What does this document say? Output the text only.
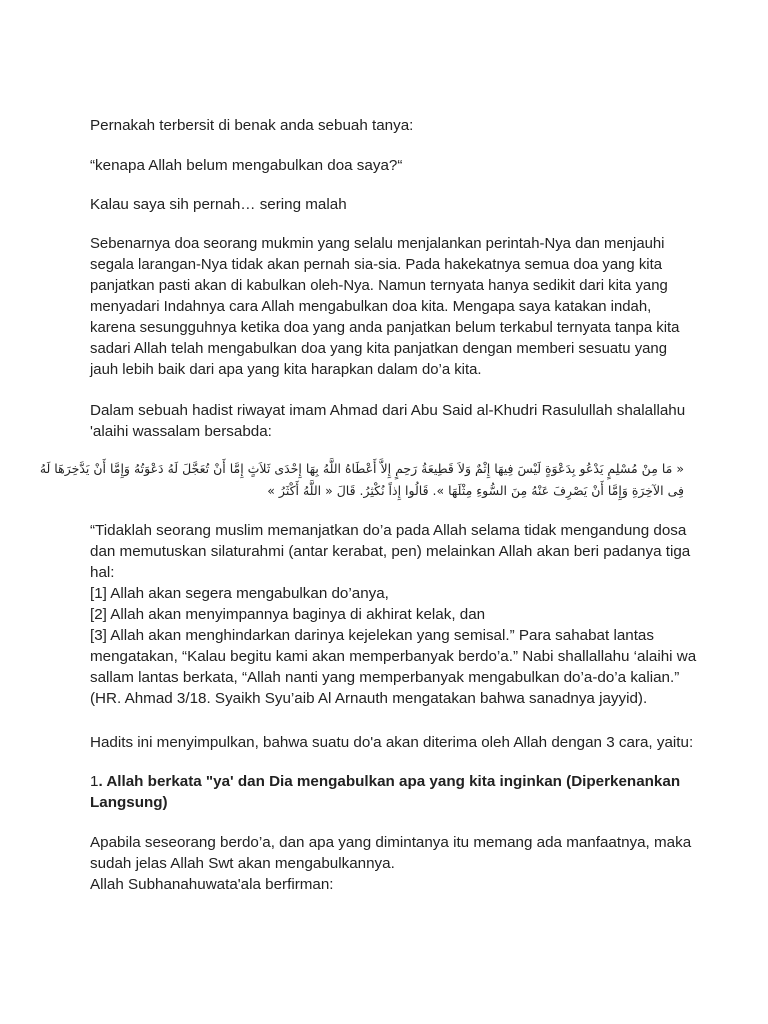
Pernakah terbersit di benak anda sebuah tanya:

“kenapa Allah belum mengabulkan doa saya?“

Kalau saya sih pernah… sering malah

Sebenarnya doa seorang mukmin yang selalu menjalankan perintah-Nya dan menjauhi
segala larangan-Nya tidak akan pernah sia-sia. Pada hakekatnya semua doa yang kita
panjatkan pasti akan di kabulkan oleh-Nya. Namun ternyata hanya sedikit dari kita yang
menyadari Indahnya cara Allah mengabulkan doa kita. Mengapa saya katakan indah,
karena sesungguhnya ketika doa yang anda panjatkan belum terkabul ternyata tanpa kita
sadari Allah telah mengabulkan doa yang kita panjatkan dengan memberi sesuatu yang
jauh lebih baik dari apa yang kita harapkan dalam do’a kita.

Dalam sebuah hadist riwayat imam Ahmad dari Abu Said al-Khudri Rasulullah shalallahu
'alaihi wassalam bersabda:

« مَا مِنْ مُسْلِمٍ يَدْعُو بِدَعْوَةٍ لَيْسَ فِيهَا إِثْمٌ وَلاَ قَطِيعَةُ رَحِمٍ إِلاَّ أَعْطَاهُ اللَّهُ بِهَا إِحْدَى ثَلاَثٍ إِمَّا أَنْ تُعَجَّلَ لَهُ دَعْوَتُهُ وَإِمَّا أَنْ يَدَّخِرَهَا لَهُ
فِى الآخِرَةِ وَإِمَّا أَنْ يَصْرِفَ عَنْهُ مِنَ السُّوءِ مِثْلَهَا ». قَالُوا إِذاً نُكْثِرُ. قَالَ « اللَّهُ أَكْثَرُ »

“Tidaklah seorang muslim memanjatkan do’a pada Allah selama tidak mengandung dosa
dan memutuskan silaturahmi (antar kerabat, pen) melainkan Allah akan beri padanya tiga
hal:
[1] Allah akan segera mengabulkan do’anya,
[2] Allah akan menyimpannya baginya di akhirat kelak, dan
[3] Allah akan menghindarkan darinya kejelekan yang semisal.” Para sahabat lantas
mengatakan, “Kalau begitu kami akan memperbanyak berdo’a.” Nabi shallallahu ‘alaihi wa
sallam lantas berkata, “Allah nanti yang memperbanyak mengabulkan do’a-do’a kalian.”
(HR. Ahmad 3/18. Syaikh Syu’aib Al Arnauth mengatakan bahwa sanadnya jayyid).

Hadits ini menyimpulkan, bahwa suatu do'a akan diterima oleh Allah dengan 3 cara, yaitu:

1. Allah berkata "ya' dan Dia mengabulkan apa yang kita inginkan (Diperkenankan
Langsung)

Apabila seseorang berdo’a, dan apa yang dimintanya itu memang ada manfaatnya, maka
sudah jelas Allah Swt akan mengabulkannya.
Allah Subhanahuwata'ala berfirman:
